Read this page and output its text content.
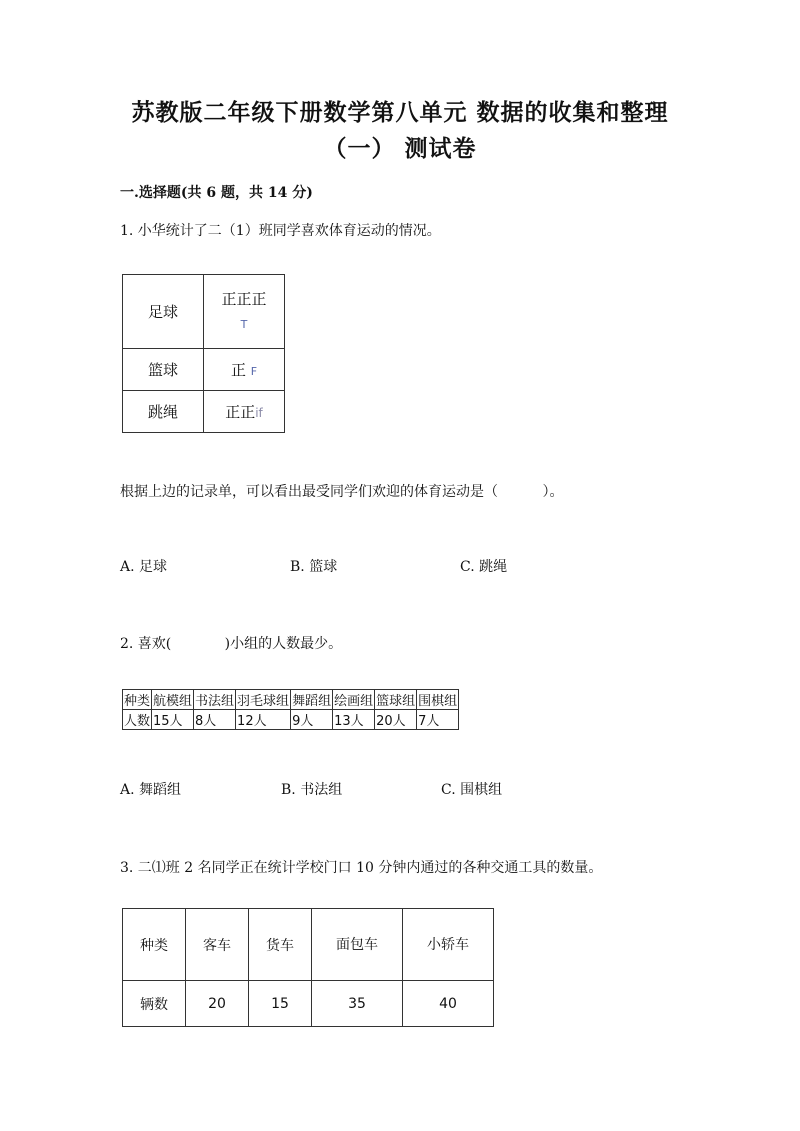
苏教版二年级下册数学第八单元 数据的收集和整理
（一） 测试卷
一.选择题(共 6 题，共 14 分)
1. 小华统计了二（1）班同学喜欢体育运动的情况。
足球	正正正
T

篮球	正 F
跳绳	正正if
根据上边的记录单，可以看出最受同学们欢迎的体育运动是（          ）。
A. 足球	B. 篮球	C. 跳绳
2. 喜欢(            )小组的人数最少。
种类	航模组	书法组	羽毛球组	舞蹈组	绘画组	篮球组	围棋组
人数	15人	8人	12人	9人	13人	20人	7人
A. 舞蹈组	B. 书法组	C. 围棋组
3. 二⑴班 2 名同学正在统计学校门口 10 分钟内通过的各种交通工具的数量。
种类	客车	货车	面包车	小轿车
辆数	20	15	35	40
